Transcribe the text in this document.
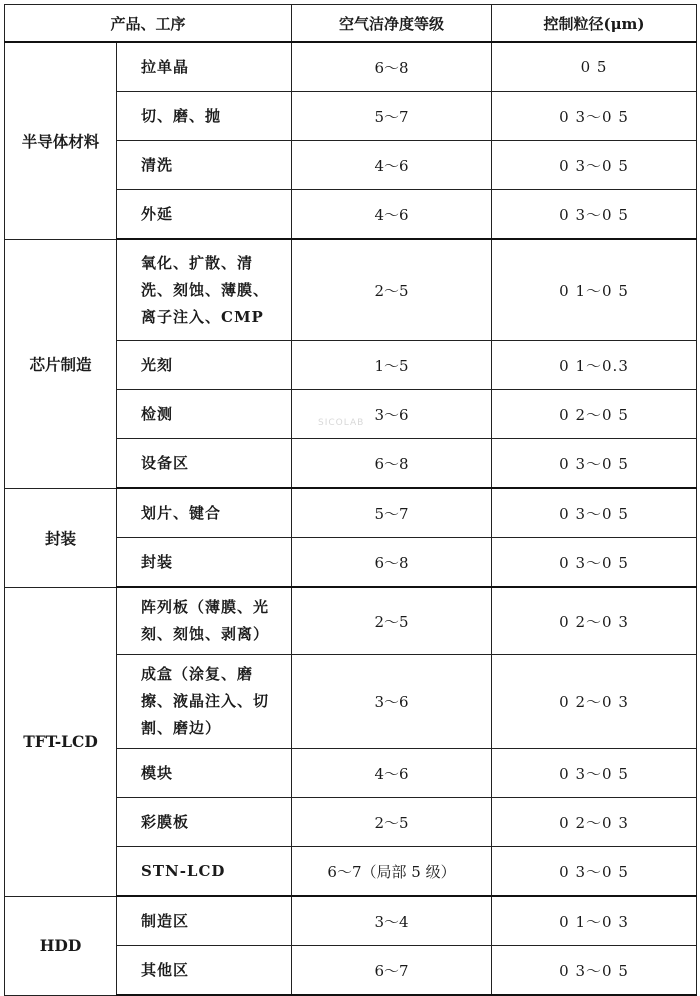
产品、工序		空气洁净度等级	控制粒径(μm)
半导体材料	拉单晶	6～8	0 5
	切、磨、抛	5～7	0 3～0 5
	清洗	4～6	0 3～0 5
	外延	4～6	0 3～0 5
芯片制造	氧化、扩散、清洗、刻蚀、薄膜、离子注入、CMP	2～5	0 1～0 5
	光刻	1～5	0 1～0.3
	检测	3～6	0 2～0 5
	设备区	6～8	0 3～0 5
封装	划片、键合	5～7	0 3～0 5
	封装	6～8	0 3～0 5
TFT-LCD	阵列板（薄膜、光刻、刻蚀、剥离）	2～5	0 2～0 3
	成盒（涂复、磨擦、液晶注入、切割、磨边）	3～6	0 2～0 3
	模块	4～6	0 3～0 5
	彩膜板	2～5	0 2～0 3
	STN-LCD	6～7（局部 5 级）	0 3～0 5
HDD	制造区	3～4	0 1～0 3
	其他区	6～7	0 3～0 5
SICOLAB
